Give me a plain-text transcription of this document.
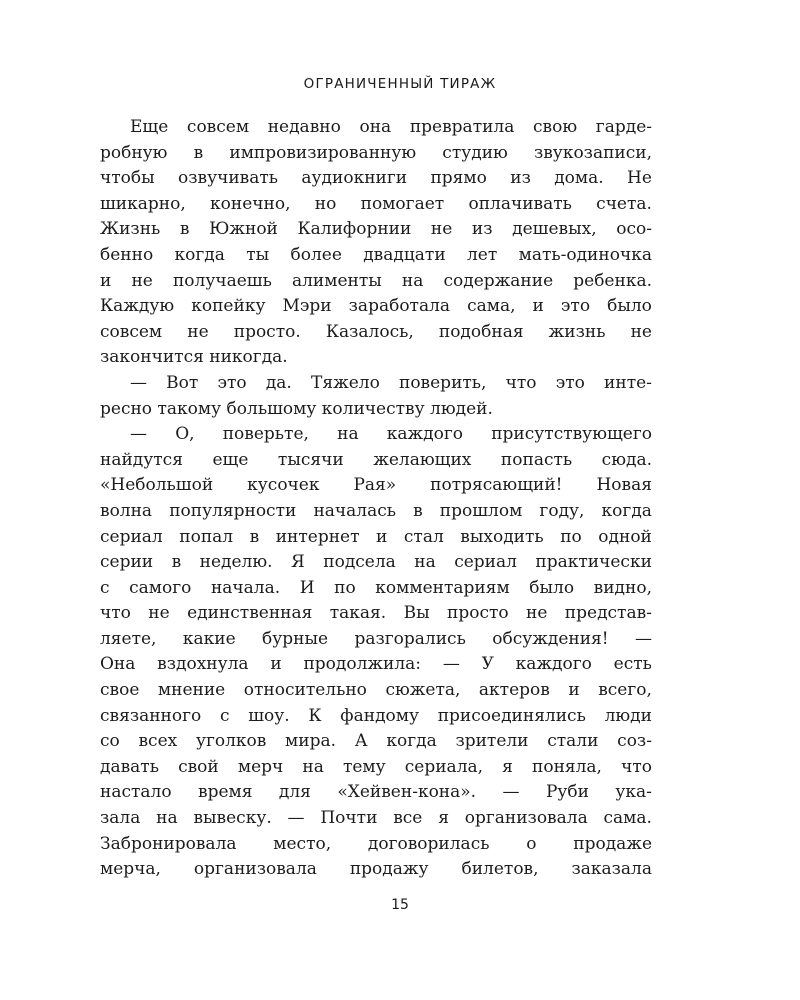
ОГРАНИЧЕННЫЙ ТИРАЖ
Еще совсем недавно она превратила свою гарде-
робную в импровизированную студию звукозаписи,
чтобы озвучивать аудиокниги прямо из дома. Не
шикарно, конечно, но помогает оплачивать счета.
Жизнь в Южной Калифорнии не из дешевых, осо-
бенно когда ты более двадцати лет мать-одиночка
и не получаешь алименты на содержание ребенка.
Каждую копейку Мэри заработала сама, и это было
совсем не просто. Казалось, подобная жизнь не
закончится никогда.
— Вот это да. Тяжело поверить, что это инте-
ресно такому большому количеству людей.
— О, поверьте, на каждого присутствующего
найдутся еще тысячи желающих попасть сюда.
«Небольшой кусочек Рая» потрясающий! Новая
волна популярности началась в прошлом году, когда
сериал попал в интернет и стал выходить по одной
серии в неделю. Я подсела на сериал практически
с самого начала. И по комментариям было видно,
что не единственная такая. Вы просто не представ-
ляете, какие бурные разгорались обсуждения! —
Она вздохнула и продолжила: — У каждого есть
свое мнение относительно сюжета, актеров и всего,
связанного с шоу. К фандому присоединялись люди
со всех уголков мира. А когда зрители стали соз-
давать свой мерч на тему сериала, я поняла, что
настало время для «Хейвен-кона». — Руби ука-
зала на вывеску. — Почти все я организовала сама.
Забронировала место, договорилась о продаже
мерча, организовала продажу билетов, заказала
15
